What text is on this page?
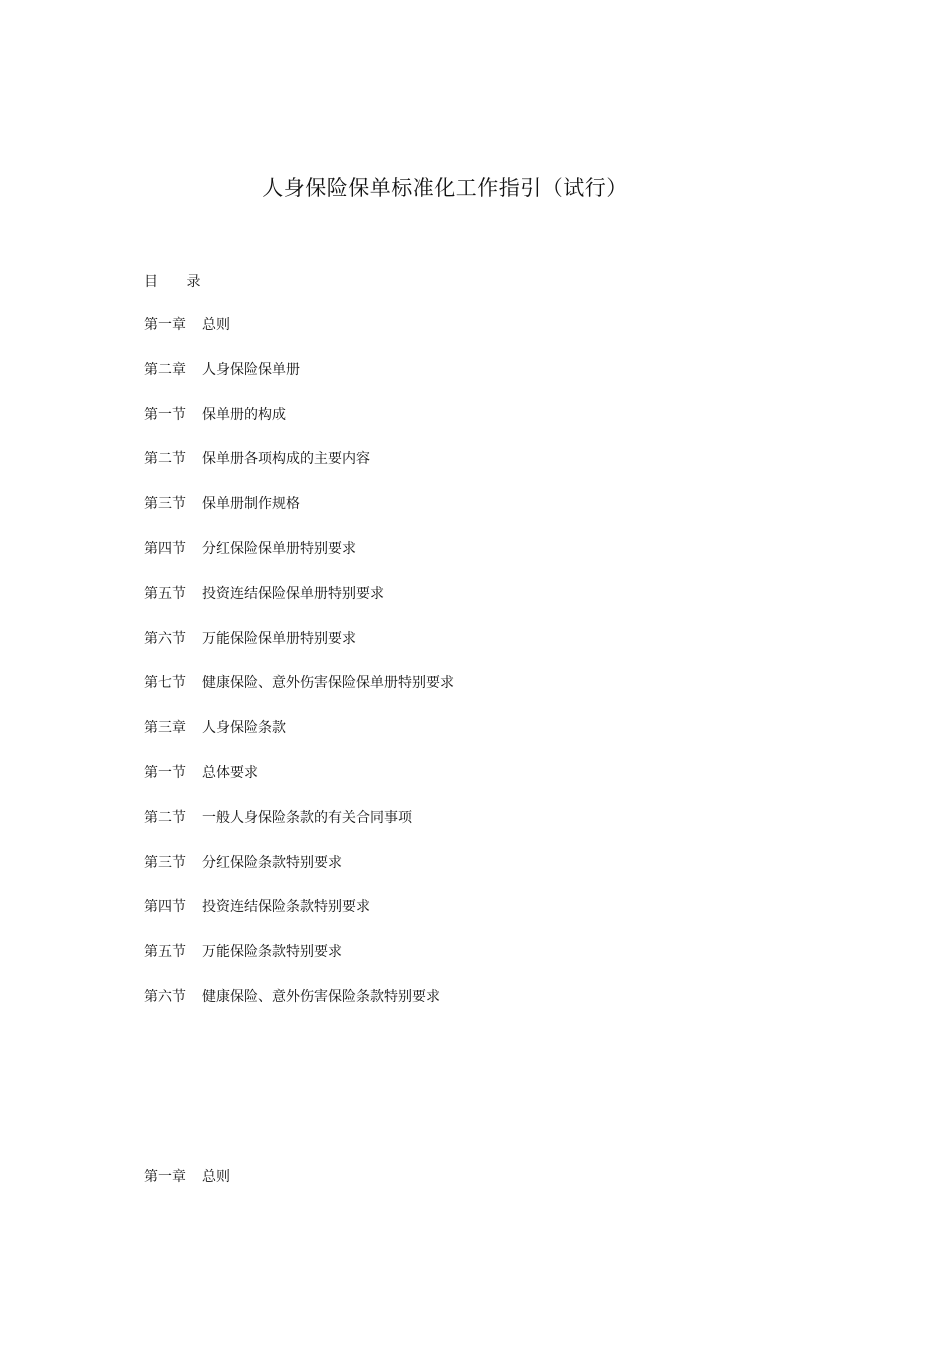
人身保险保单标准化工作指引（试行）
目 录
第一章 总则
第二章 人身保险保单册
第一节 保单册的构成
第二节 保单册各项构成的主要内容
第三节 保单册制作规格
第四节 分红保险保单册特别要求
第五节 投资连结保险保单册特别要求
第六节 万能保险保单册特别要求
第七节 健康保险、意外伤害保险保单册特别要求
第三章 人身保险条款
第一节 总体要求
第二节 一般人身保险条款的有关合同事项
第三节 分红保险条款特别要求
第四节 投资连结保险条款特别要求
第五节 万能保险条款特别要求
第六节 健康保险、意外伤害保险条款特别要求
第一章 总则
